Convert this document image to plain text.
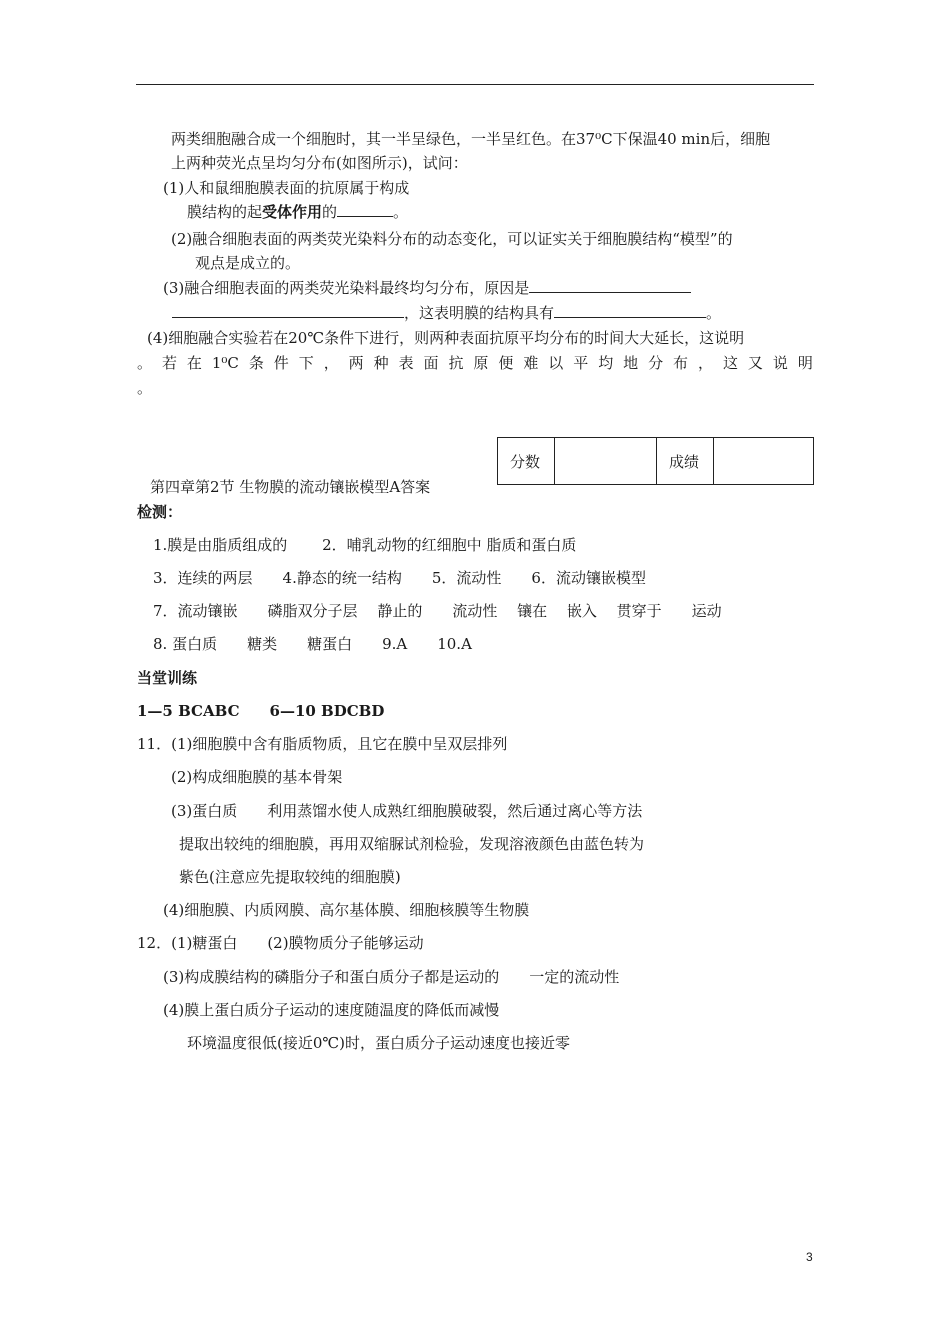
两类细胞融合成一个细胞时，其一半呈绿色，一半呈红色。在37⁰C下保温40 min后，细胞
上两种荧光点呈均匀分布(如图所示)，试问：
(1)人和鼠细胞膜表面的抗原属于构成
膜结构的起受体作用的	。
(2)融合细胞表面的两类荧光染料分布的动态变化，可以证实关于细胞膜结构“模型”的
观点是成立的。
(3)融合细胞表面的两类荧光染料最终均匀分布，原因是
，这表明膜的结构具有	。
(4)细胞融合实验若在20℃条件下进行，则两种表面抗原平均分布的时间大大延长，这说明
。 若 在 1⁰C 条 件 下 ， 两 种 表 面 抗 原 便 难 以 平 均 地 分 布 ， 这 又 说 明
。
分数		成绩	
第四章第2节 生物膜的流动镶嵌模型A答案
检测：
1.膜是由脂质组成的　　 2．哺乳动物的红细胞中 脂质和蛋白质
3．连续的两层　　4.静态的统一结构　　5．流动性　　6．流动镶嵌模型
7．流动镶嵌　　磷脂双分子层　 静止的　　流动性　 镶在　 嵌入　 贯穿于　　运动
8. 蛋白质　　糖类　　糖蛋白　　9.A　　10.A
当堂训练
1—5 BCABC　　6—10 BDCBD
11．(1)细胞膜中含有脂质物质，且它在膜中呈双层排列
(2)构成细胞膜的基本骨架
(3)蛋白质　　利用蒸馏水使人成熟红细胞膜破裂，然后通过离心等方法
提取出较纯的细胞膜，再用双缩脲试剂检验，发现溶液颜色由蓝色转为
紫色(注意应先提取较纯的细胞膜)
(4)细胞膜、内质网膜、高尔基体膜、细胞核膜等生物膜
12．(1)糖蛋白　　(2)膜物质分子能够运动
(3)构成膜结构的磷脂分子和蛋白质分子都是运动的　　一定的流动性
(4)膜上蛋白质分子运动的速度随温度的降低而减慢
环境温度很低(接近0℃)时，蛋白质分子运动速度也接近零
3
